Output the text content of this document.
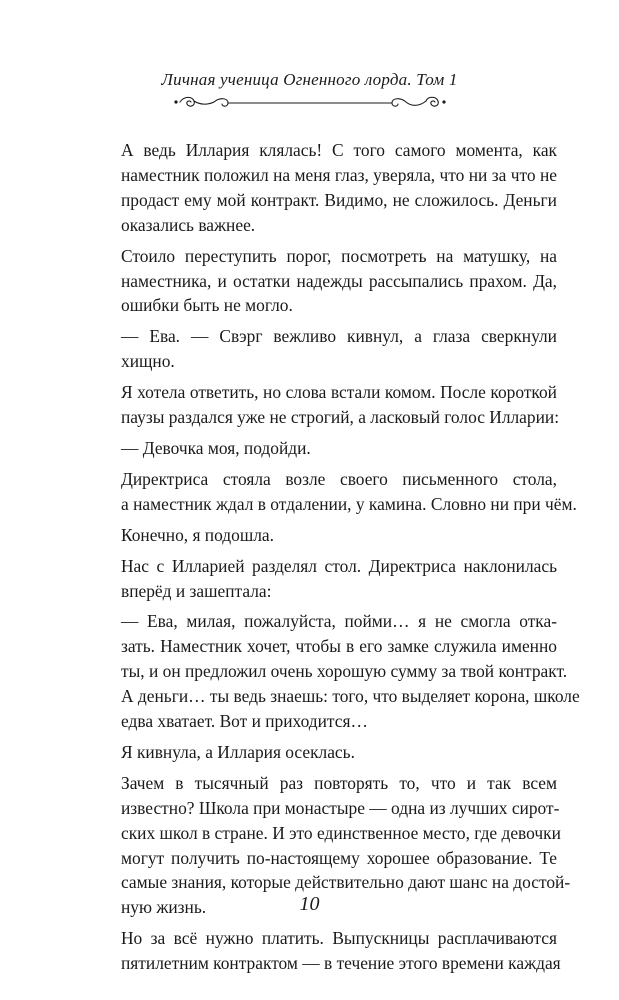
Личная ученица Огненного лорда. Том 1

А ведь Иллария клялась! С того самого момента, как
наместник положил на меня глаз, уверяла, что ни за что не
продаст ему мой контракт. Видимо, не сложилось. Деньги
оказались важнее.

Стоило переступить порог, посмотреть на матушку, на
наместника, и остатки надежды рассыпались прахом. Да,
ошибки быть не могло.

— Ева. — Свэрг вежливо кивнул, а глаза сверкнули
хищно.

Я хотела ответить, но слова встали комом. После короткой
паузы раздался уже не строгий, а ласковый голос Илларии:

— Девочка моя, подойди.

Директриса стояла возле своего письменного стола,
а наместник ждал в отдалении, у камина. Словно ни при чём.

Конечно, я подошла.

Нас с Илларией разделял стол. Директриса наклонилась
вперёд и зашептала:

— Ева, милая, пожалуйста, пойми… я не смогла отка-
зать. Наместник хочет, чтобы в его замке служила именно
ты, и он предложил очень хорошую сумму за твой контракт.
А деньги… ты ведь знаешь: того, что выделяет корона, школе
едва хватает. Вот и приходится…

Я кивнула, а Иллария осеклась.

Зачем в тысячный раз повторять то, что и так всем
известно? Школа при монастыре — одна из лучших сирот-
ских школ в стране. И это единственное место, где девочки
могут получить по-настоящему хорошее образование. Те
самые знания, которые действительно дают шанс на достой-
ную жизнь.

Но за всё нужно платить. Выпускницы расплачиваются
пятилетним контрактом — в течение этого времени каждая

10
